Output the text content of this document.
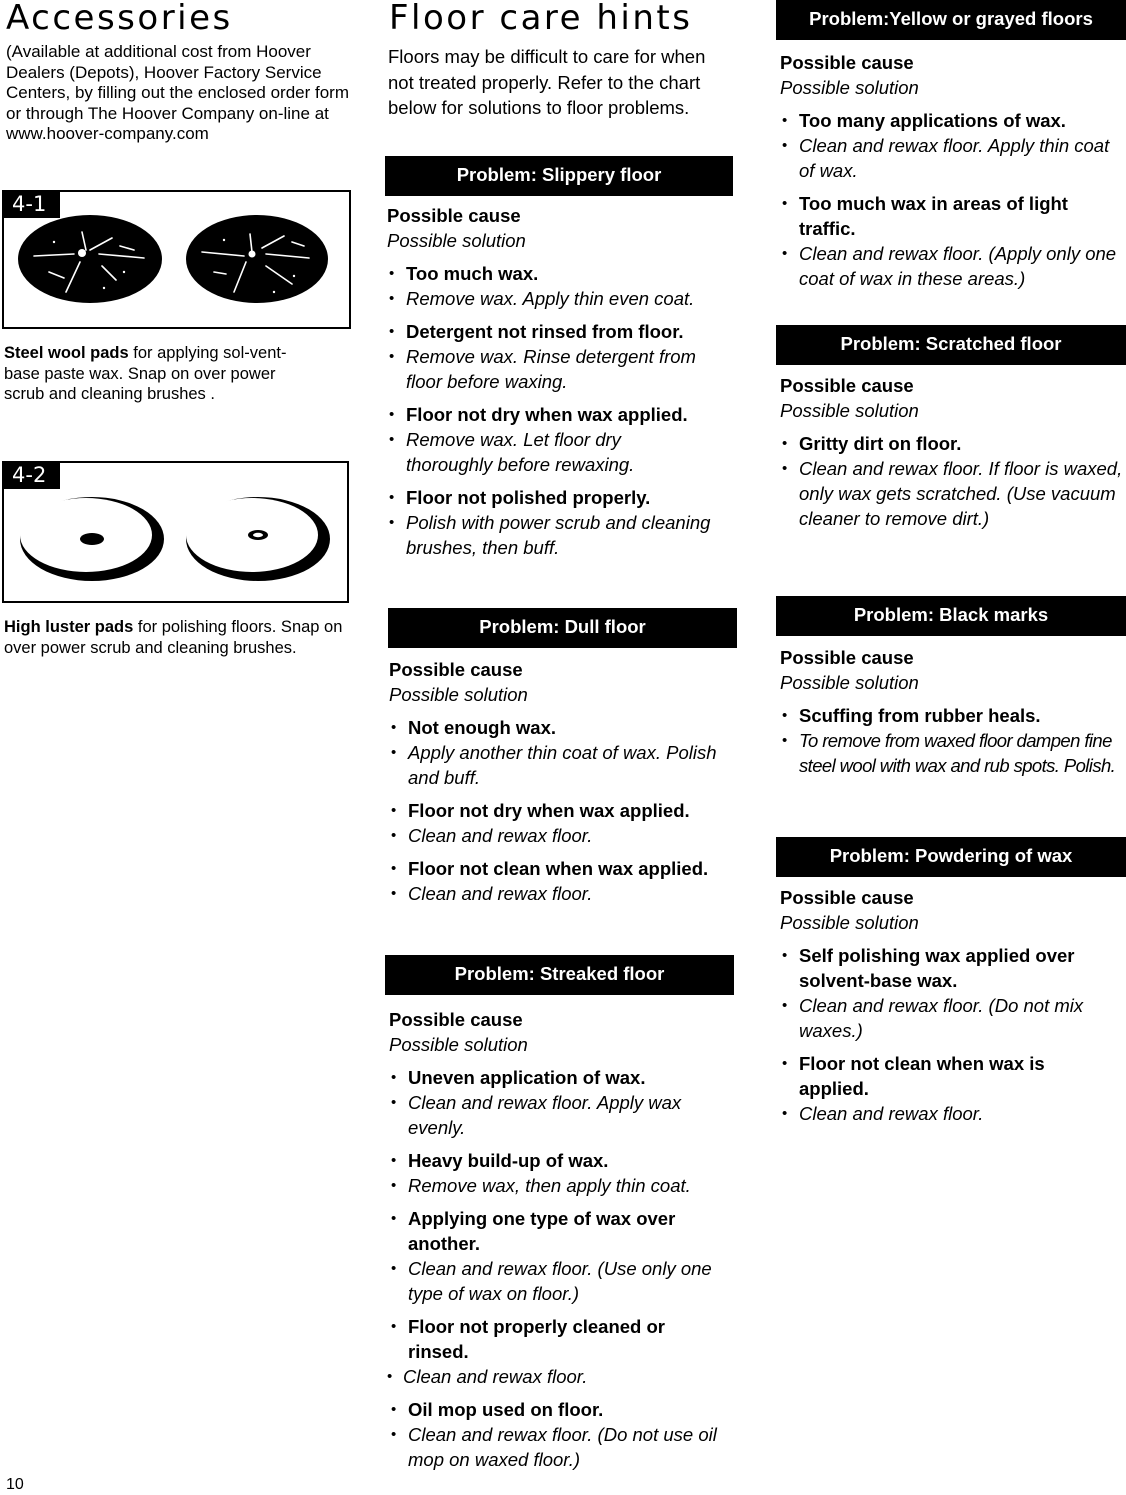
Accessories

(Available at additional cost from Hoover Dealers (Depots), Hoover Factory Service Centers, by filling out the enclosed order form or through The Hoover Company on-line at www.hoover-company.com

4-1

Steel wool pads for applying sol-vent-base paste wax. Snap on over power scrub and cleaning brushes .

4-2

High luster pads for polishing floors. Snap on over power scrub and cleaning brushes.

Floor care hints

Floors may be difficult to care for when not treated properly. Refer to the chart below for solutions to floor problems.

Problem: Slippery floor
Possible cause
Possible solution
• Too much wax.
• Remove wax. Apply thin even coat.
• Detergent not rinsed from floor.
• Remove wax. Rinse detergent from floor before waxing.
• Floor not dry when wax applied.
• Remove wax. Let floor dry thoroughly before rewaxing.
• Floor not polished properly.
• Polish with power scrub and cleaning brushes, then buff.
Problem: Dull floor
Possible cause
Possible solution
• Not enough wax.
• Apply another thin coat of wax. Polish and buff.
• Floor not dry when wax applied.
• Clean and rewax floor.
• Floor not clean when wax applied.
• Clean and rewax floor.
Problem: Streaked floor
Possible cause
Possible solution
• Uneven application of wax.
• Clean and rewax floor. Apply wax evenly.
• Heavy build-up of wax.
• Remove wax, then apply thin coat.
• Applying one type of wax over another.
• Clean and rewax floor. (Use only one type of wax on floor.)
• Floor not properly cleaned or rinsed.
• Clean and rewax floor.
• Oil mop used on floor.
• Clean and rewax floor. (Do not use oil mop on waxed floor.)
Problem:Yellow or grayed floors
Possible cause
Possible solution
• Too many applications of wax.
• Clean and rewax floor. Apply thin coat of wax.
• Too much wax in areas of light traffic.
• Clean and rewax floor. (Apply only one coat of wax in these areas.)
Problem: Scratched floor
Possible cause
Possible solution
• Gritty dirt on floor.
• Clean and rewax floor. If floor is waxed, only wax gets scratched. (Use vacuum cleaner to remove dirt.)
Problem: Black marks
Possible cause
Possible solution
• Scuffing from rubber heals.
• To remove from waxed floor dampen fine steel wool with wax and rub spots. Polish.
Problem: Powdering of wax
Possible cause
Possible solution
• Self polishing wax applied over solvent-base wax.
• Clean and rewax floor. (Do not mix waxes.)
• Floor not clean when wax is applied.
• Clean and rewax floor.
10
